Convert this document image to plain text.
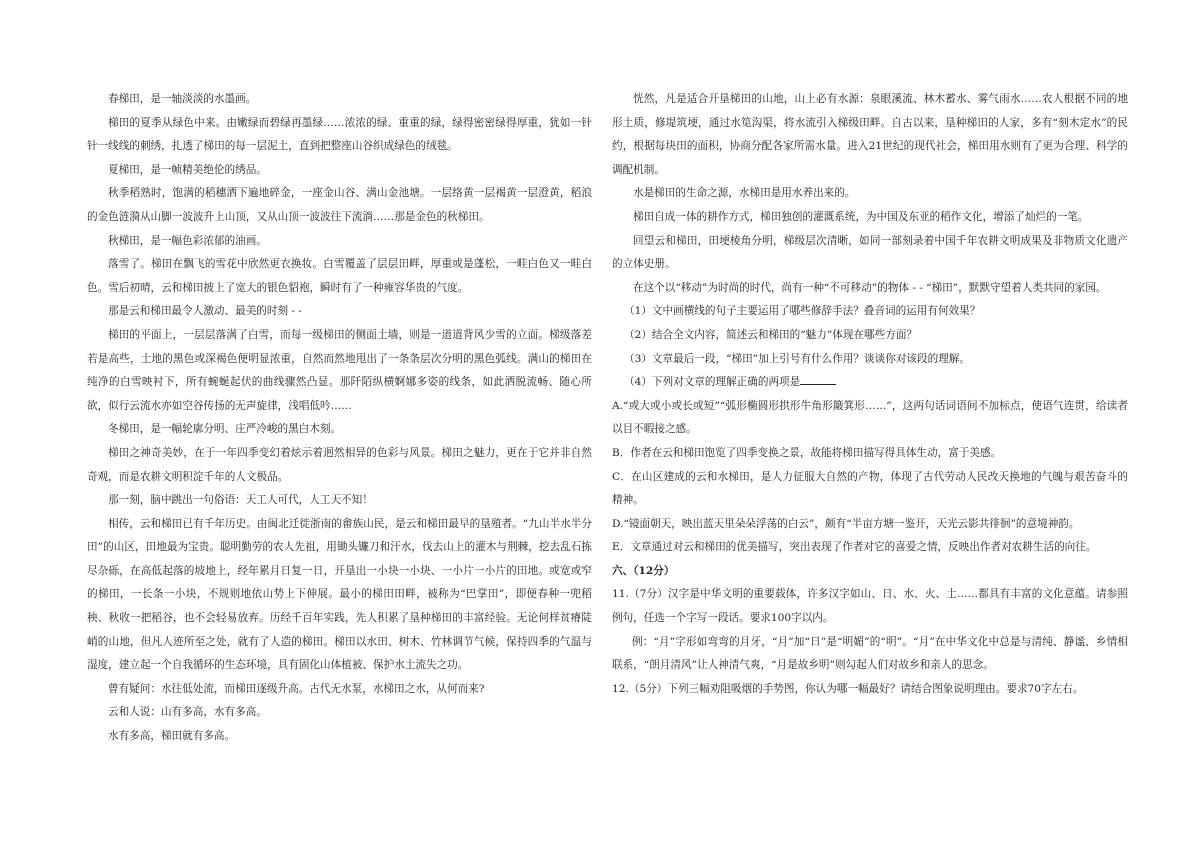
春梯田，是一轴淡淡的水墨画。

梯田的夏季从绿色中来。由嫩绿而碧绿再墨绿……浓浓的绿、重重的绿，绿得密密绿得厚重，犹如一针针一线线的刺绣，扎透了梯田的每一层泥土，直到把整座山谷织成绿色的绒毯。

夏梯田，是一帧精美绝伦的绣品。

秋季稻熟时，饱满的稻穗洒下遍地碎金，一座金山谷、满山金池塘。一层络黄一层褐黄一层澄黄，稻浪的金色涟漪从山脚一波波升上山顶，又从山顶一波波往下流淌……那是金色的秋梯田。

秋梯田，是一幅色彩浓郁的油画。

落雪了。梯田在飘飞的雪花中欣然更衣换妆。白雪覆盖了层层田畔，厚重或是蓬松，一畦白色又一畦白色。雪后初晴，云和梯田披上了宽大的银色貂袍，瞬时有了一种雍容华贵的气度。

那是云和梯田最令人激动、最美的时刻 - -

梯田的平面上，一层层落满了白雪，而每一级梯田的侧面土墙，则是一道道背风少雪的立面。梯级落差若是高些，土地的黑色或深褐色便明显浓重，自然而然地甩出了一条条层次分明的黑色弧线。满山的梯田在纯净的白雪映衬下，所有蜿蜒起伏的曲线骤然凸显。那阡陌纵横婀娜多姿的线条，如此洒脱流畅、随心所欲，似行云流水亦如空谷传扬的无声旋律，浅唱低吟……

冬梯田，是一幅轮廓分明、庄严冷峻的黑白木刻。

梯田之神奇美妙，在于一年四季变幻着炫示着迥然相异的色彩与风景。梯田之魅力，更在于它并非自然奇观，而是农耕文明积淀千年的人文极品。

那一刻，脑中跳出一句俗语：天工人可代，人工天不知！

相传，云和梯田已有千年历史。由闽北迁徙浙南的畲族山民，是云和梯田最早的垦殖者。“九山半水半分田”的山区，田地最为宝贵。聪明勤劳的农人先祖，用锄头镰刀和汗水，伐去山上的灌木与荆棘，挖去乱石拣尽杂砾，在高低起落的坡地上，经年累月日复一日，开垦出一小块一小块、一小片一小片的田地。或宽或窄的梯田，一长条一小块，不规则地依山势上下伸展。最小的梯田田畔，被称为“巴掌田”，即便春种一兜稻秧、秋收一把稻谷，也不会轻易放弃。历经千百年实践，先人积累了垦种梯田的丰富经验。无论何样贫瘠陡峭的山地，但凡人迹所至之处，就有了人造的梯田。梯田以水田、树木、竹林调节气候，保持四季的气温与湿度，建立起一个自我循环的生态环境，具有固化山体植被、保护水土流失之功。

曾有疑问：水往低处流，而梯田逐级升高。古代无水泵，水梯田之水，从何而来?

云和人说：山有多高，水有多高。

水有多高，梯田就有多高。

恍然，凡是适合开垦梯田的山地，山上必有水源：泉眼溪流、林木蓄水、雾气雨水……农人根据不同的地形土质，修堤筑埂，通过水笕沟渠，将水流引入梯级田畔。自古以来，垦种梯田的人家，多有“刻木定水”的民约，根据每块田的面积，协商分配各家所需水量。进入21世纪的现代社会，梯田用水则有了更为合理、科学的调配机制。

水是梯田的生命之源，水梯田是用水养出来的。

梯田自成一体的耕作方式，梯田独创的灌溉系统，为中国及东亚的稻作文化，增添了灿烂的一笔。

回望云和梯田，田埂棱角分明，梯级层次清晰，如同一部刻录着中国千年农耕文明成果及非物质文化遗产的立体史册。

在这个以“移动”为时尚的时代，尚有一种“不可移动”的物体 - - “梯田”，默默守望着人类共同的家园。

（1）文中画横线的句子主要运用了哪些修辞手法？叠音词的运用有何效果？

（2）结合全文内容，简述云和梯田的“魅力”体现在哪些方面？

（3）文章最后一段，“梯田”加上引号有什么作用？谈谈你对该段的理解。

（4）下列对文章的理解正确的两项是

A.“或大或小或长或短”“弧形椭圆形拱形牛角形簸箕形……”，这两句话词语间不加标点，使语气连贯，给读者以目不暇接之感。

B．作者在云和梯田饱览了四季变换之景，故能将梯田描写得具体生动，富于美感。

C．在山区建成的云和水梯田，是人力征服大自然的产物，体现了古代劳动人民改天换地的气魄与艰苦奋斗的精神。

D.“镜面朝天，映出蓝天里朵朵浮荡的白云”，颇有“半亩方塘一鉴开，天光云影共徘徊”的意境神韵。

E．文章通过对云和梯田的优美描写，突出表现了作者对它的喜爱之情，反映出作者对农耕生活的向往。

六、（12分）

11.（7分）汉字是中华文明的重要载体，许多汉字如山、日、水、火、土……都具有丰富的文化意蕴。请参照例句，任选一个字写一段话。要求100字以内。

例：“月”字形如弯弯的月牙，“月”加“日”是“明媚”的“明”。“月”在中华文化中总是与清纯、静谧、乡情相联系，“朗月清风”让人神清气爽，“月是故乡明”则勾起人们对故乡和亲人的思念。

12.（5分）下列三幅劝阻吸烟的手势图，你认为哪一幅最好？请结合图象说明理由。要求70字左右。
